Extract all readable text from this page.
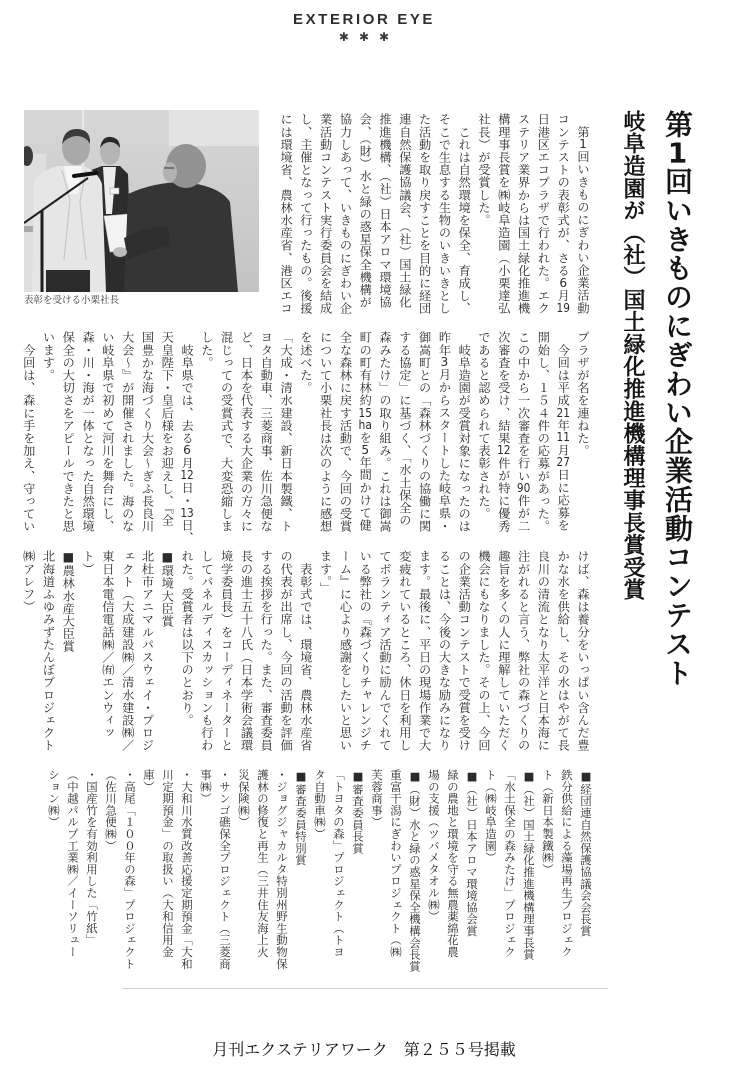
EXTERIOR EYE
✱ ✱ ✱
第1回いきものにぎわい企業活動コンテスト
岐阜造園が（社）国土緑化推進機構理事長賞受賞
表彰を受ける小栗社長
　第1回いきものにぎわい企業活動
コンテストの表彰式が、さる6月19
日港区エコプラザで行われた。エク
ステリア業界からは国土緑化推進機
構理事長賞を㈱岐阜造園（小栗達弘
社長）が受賞した。
　これは自然環境を保全、育成し、
そこで生息する生物のいきいきとし
た活動を取り戻すことを目的に経団
連自然保護協議会、（社）国土緑化
推進機構、（社）日本アロマ環境協
会、（財）水と緑の惑星保全機構が
協力しあって、いきものにぎわい企
業活動コンテスト実行委員会を結成
し、主催となって行ったもの。後援
には環境省、農林水産省、港区エコ
プラザが名を連ねた。
　今回は平成21年11月27日に応募を
開始し、１５４件の応募があった。
この中から一次審査を行い90件が二
次審査を受け、結果12件が特に優秀
であると認められて表彰された。
　岐阜造園が受賞対象になったのは
昨年3月からスタートした岐阜県・
御嵩町との「森林づくりの協働に関
する協定」に基づく、「水土保全の
森みたけ」の取り組み。これは御嵩
町の町有林約15haを5年間かけて健
全な森林に戻す活動で、今回の受賞
について小栗社長は次のように感想
を述べた。
「大成・清水建設、新日本製鐵、ト
ヨタ自動車、三菱商事、佐川急便な
ど、日本を代表する大企業の方々に
混じっての受賞式で、大変恐縮しま
した。
　岐阜県では、去る6月12日・13日、
天皇陛下・皇后様をお迎えし、『全
国豊かな海づくり大会〜ぎふ長良川
大会〜』が開催されました。海のな
い岐阜県で初めて河川を舞台にし、
森・川・海が一体となった自然環境
保全の大切さをアピールできたと思
います。
　今回は、森に手を加え、守ってい
けば、森は養分をいっぱい含んだ豊
かな水を供給し、その水はやがて長
良川の清流となり太平洋と日本海に
注がれると言う、弊社の森づくりの
趣旨を多くの人に理解していただく
機会にもなりました。その上、今回
の企業活動コンテストで受賞を受け
ることは、今後の大きな励みになり
ます。最後に、平日の現場作業で大
変疲れているところ、休日を利用し
てボランティア活動に励んでくれて
いる弊社の『森づくりチャレンジチ
ーム』に心より感謝をしたいと思い
ます。」
　表彰式では、環境省、農林水産省
の代表が出席し、今回の活動を評価
する挨拶を行った。また、審査委員
長の進士五十八氏（日本学術会議環
境学委員長）をコーディネーターと
してパネルディスカッションも行わ
れた。受賞者は以下のとおり。
■環境大臣賞
北杜市アニマルパスウェイ・プロジ
ェクト（大成建設㈱／清水建設㈱／
東日本電信電話㈱／㈲エンウィッ
ト）
■農林水産大臣賞
北海道ふゆみずたんぼプロジェクト
㈱アレフ）
■経団連自然保護協議会会長賞
鉄分供給による藻場再生プロジェク
ト（新日本製鐵㈱）
■（社）国土緑化推進機構理事長賞
「水土保全の森みたけ」プロジェク
ト（㈱岐阜造園）
■（社）日本アロマ環境協会賞
緑の農地と環境を守る無農薬綿花農
場の支援（ツバメタオル㈱）
■（財）水と緑の惑星保全機構会長賞
重富干潟にぎわいプロジェクト（㈱
芙蓉商事）
■審査委員長賞
「トヨタの森」プロジェクト（トヨ
タ自動車㈱）
■審査委員特別賞
・ジョグジャカルタ特別州野生動物保
護林の修復と再生（三井住友海上火
災保険㈱）
・サンゴ礁保全プロジェクト（三菱商
事㈱）
・大和川水質改善応援定期預金「大和
川定期預金」の取扱い（大和信用金
庫）
・高尾「１００年の森」プロジェクト
（佐川急便㈱）
・国産竹を有効利用した「竹紙」
（中越パルプ工業㈱／イーソリュー
ション㈱）
月刊エクステリアワーク　第２５５号掲載
